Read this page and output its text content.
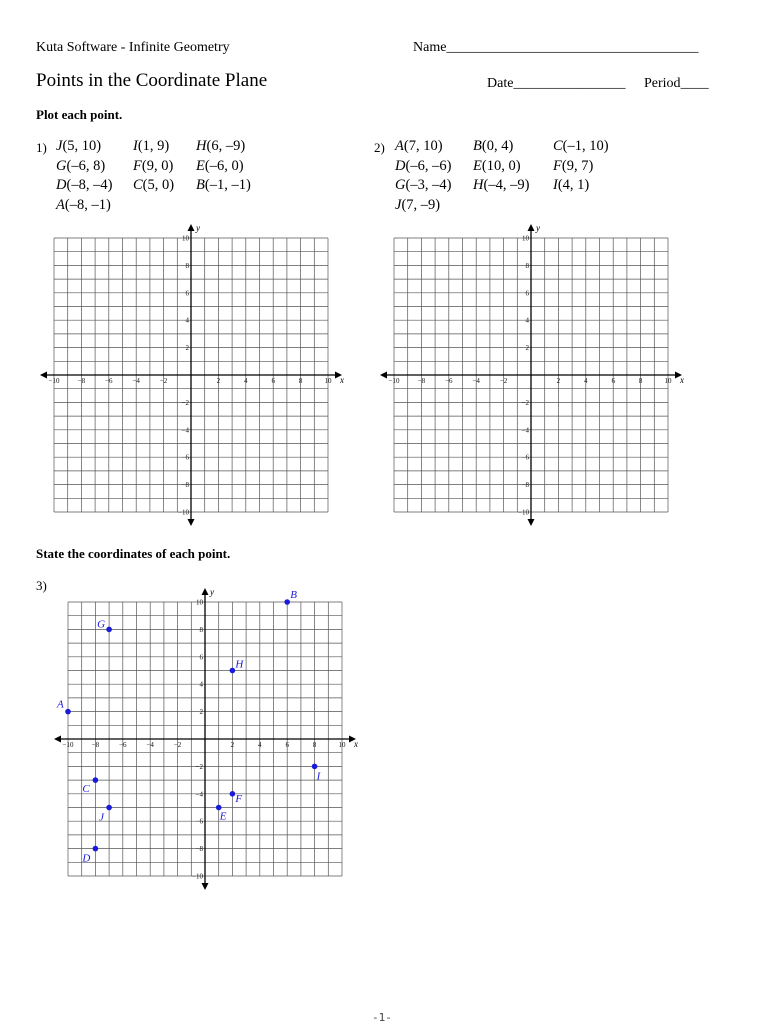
Kuta Software - Infinite Geometry	Name____________________________________
Points in the Coordinate Plane	Date________________ Period____
Plot each point.
1) J(5, 10) I(1, 9) H(6, –9)
G(–6, 8) F(9, 0) E(–6, 0)
D(–8, –4) C(5, 0) B(–1, –1)
A(–8, –1)
2) A(7, 10) B(0, 4)	C(–1, 10)
D(–6, –6) E(10, 0) F(9, 7)
G(–3, –4) H(–4, –9) I(4, 1)
J(7, –9)
x
y
−10	−8	−6	−4	−2	2	4	6	8	10
10
8
6
4
2
−2
−4
−6
−8
−10
x
y
−10	−8	−6	−4	−2	2	4	6	8	10
10
8
6
4
2
−2
−4
−6
−8
−10
State the coordinates of each point.
3)
x
y
−10	−8	−6	−4	−2	2	4	6	8	10
10
8
6
4
2
−2
−4
−6
−8
−10
A
B
C
D
E
F
G
H
I
J
-1-
